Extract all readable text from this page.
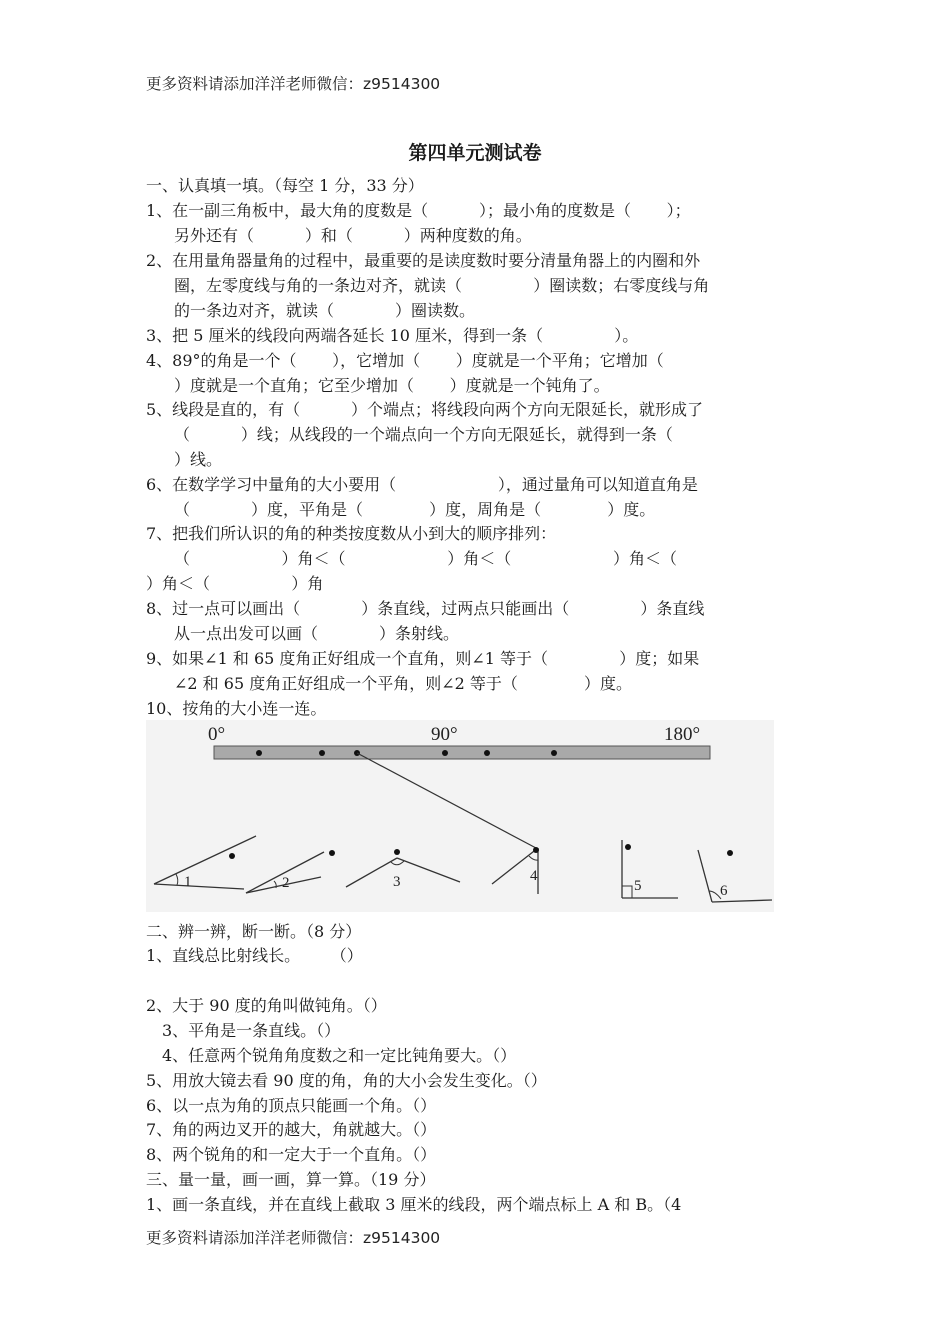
更多资料请添加洋洋老师微信：z9514300
第四单元测试卷
一、认真填一填。（每空 1 分，33 分）
1、在一副三角板中，最大角的度数是（          ）；最小角的度数是（       ）；
另外还有（          ）和（          ）两种度数的角。
2、在用量角器量角的过程中，最重要的是读度数时要分清量角器上的内圈和外
圈，左零度线与角的一条边对齐，就读（              ）圈读数；右零度线与角
的一条边对齐，就读（            ）圈读数。
3、把 5 厘米的线段向两端各延长 10 厘米，得到一条（              ）。
4、89°的角是一个（       ），它增加（       ）度就是一个平角；它增加（
）度就是一个直角；它至少增加（       ）度就是一个钝角了。
5、线段是直的，有（          ）个端点；将线段向两个方向无限延长，就形成了
（          ）线；从线段的一个端点向一个方向无限延长，就得到一条（
）线。
6、在数学学习中量角的大小要用（                    ），通过量角可以知道直角是
（            ）度，平角是（             ）度，周角是（             ）度。
7、把我们所认识的角的种类按度数从小到大的顺序排列：
（                  ）角＜（                    ）角＜（                    ）角＜（
）角＜（                ）角
8、过一点可以画出（            ）条直线，过两点只能画出（              ）条直线
从一点出发可以画（            ）条射线。
9、如果∠1 和 65 度角正好组成一个直角，则∠1 等于（              ）度；如果
∠2 和 65 度角正好组成一个平角，则∠2 等于（             ）度。
10、按角的大小连一连。
0°	90°	180°
1	2	3	4
5	6
二、辨一辨，断一断。（8 分）
1、直线总比射线长。      （）
2、大于 90 度的角叫做钝角。（）
3、平角是一条直线。（）
4、任意两个锐角角度数之和一定比钝角要大。（）
5、用放大镜去看 90 度的角，角的大小会发生变化。（）
6、以一点为角的顶点只能画一个角。（）
7、角的两边叉开的越大，角就越大。（）
8、两个锐角的和一定大于一个直角。（）
三、量一量，画一画，算一算。（19 分）
1、画一条直线，并在直线上截取 3 厘米的线段，两个端点标上 A 和 B。（4
更多资料请添加洋洋老师微信：z9514300
